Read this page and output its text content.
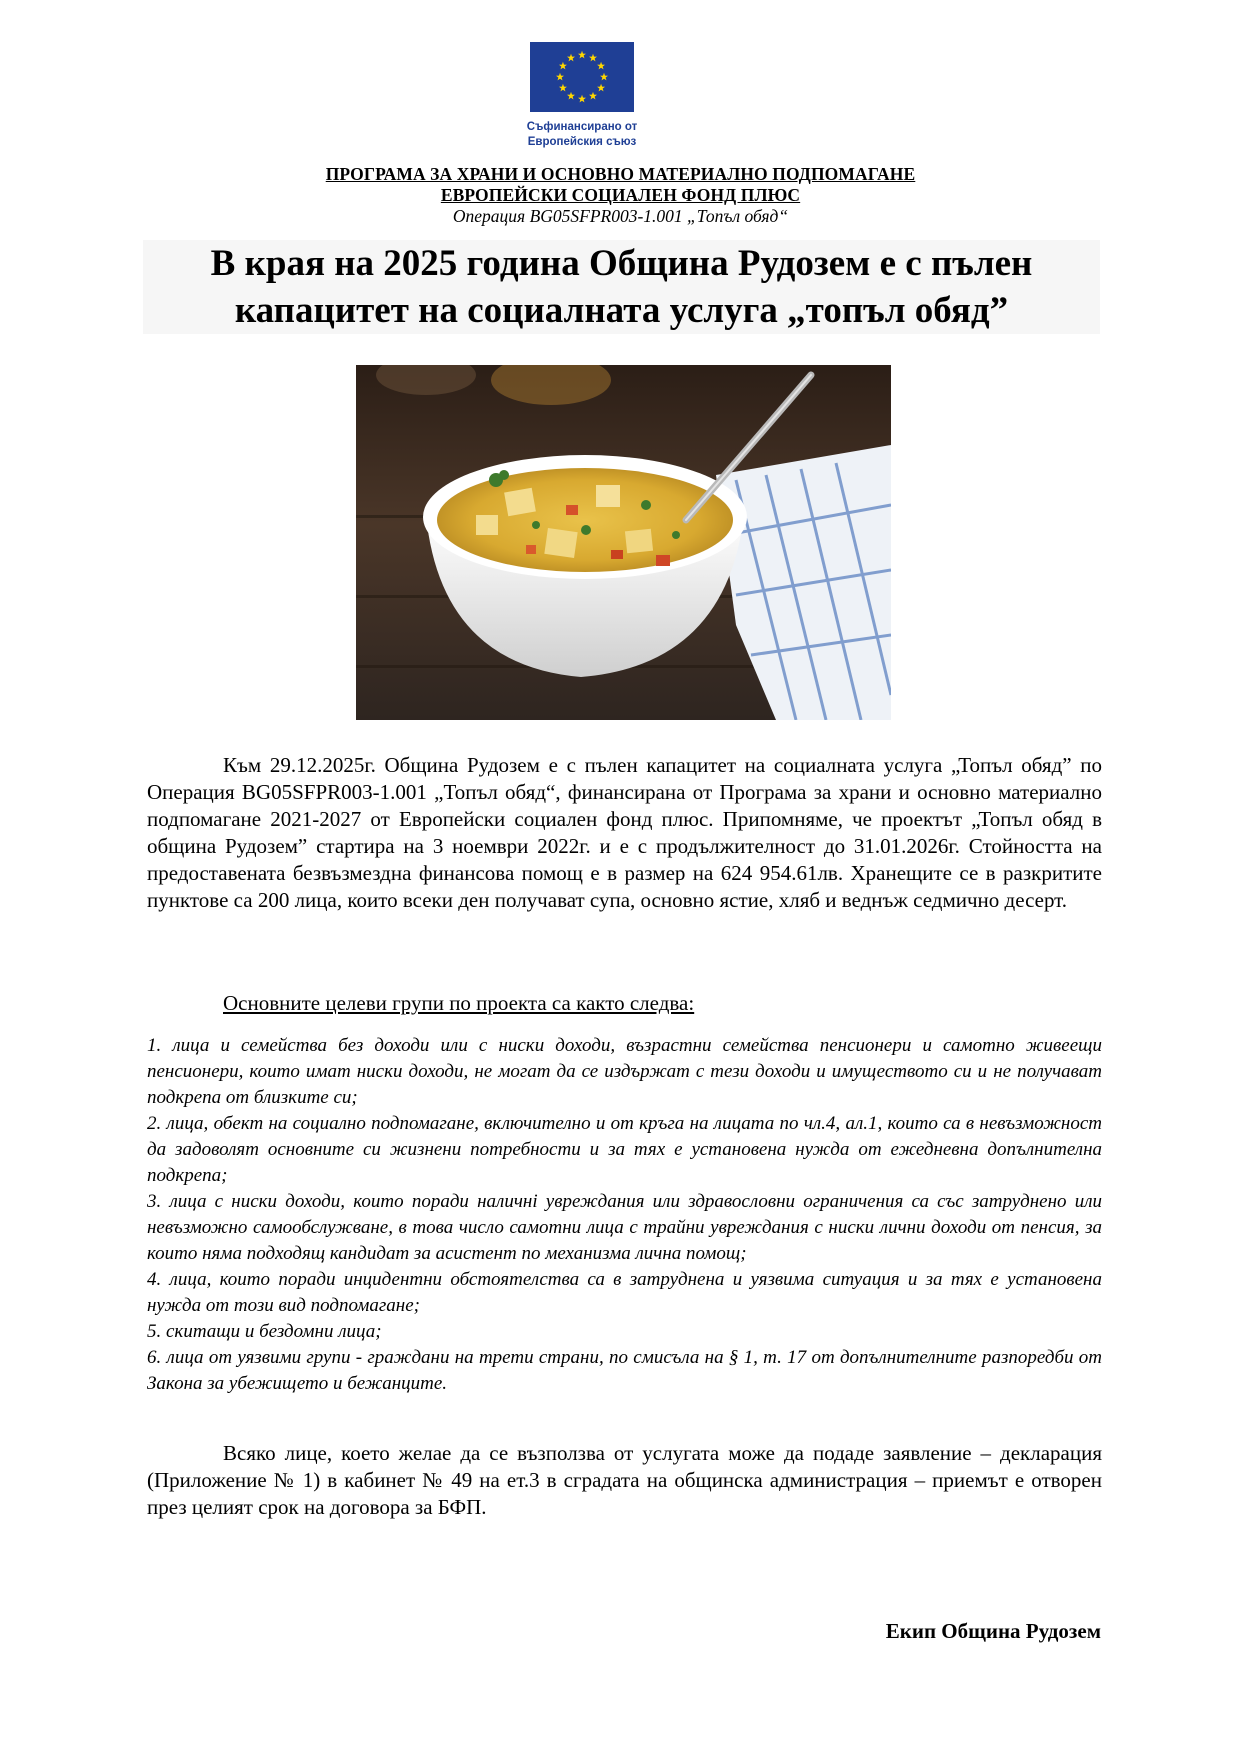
Съфинансирано от
Европейския съюз
ПРОГРАМА ЗА ХРАНИ И ОСНОВНО МАТЕРИАЛНО ПОДПОМАГАНЕ
ЕВРОПЕЙСКИ СОЦИАЛЕН ФОНД ПЛЮС
Операция BG05SFPR003-1.001 „Топъл обяд“
В края на 2025 година Община Рудозем е с пълен
капацитет на социалната услуга „топъл обяд”
Към 29.12.2025г. Община Рудозем е с пълен капацитет на социалната услуга „Топъл обяд” по Операция BG05SFPR003-1.001 „Топъл обяд“, финансирана от Програма за храни и основно материално подпомагане 2021-2027 от Европейски социален фонд плюс. Припомняме, че проектът „Топъл обяд в община Рудозем” стартира на 3 ноември 2022г. и е с продължителност до 31.01.2026г. Стойността на предоставената безвъзмездна финансова помощ е в размер на 624 954.61лв. Хранещите се в разкритите пунктове са 200 лица, които всеки ден получават супа, основно ястие, хляб и веднъж седмично десерт.
Основните целеви групи по проекта са както следва:
1. лица и семейства без доходи или с ниски доходи, възрастни семейства пенсионери и самотно живеещи пенсионери, които имат ниски доходи, не могат да се издържат с тези доходи и имуществото си и не получават подкрепа от близките си;
2. лица, обект на социално подпомагане, включително и от кръга на лицата по чл.4, ал.1, които са в невъзможност да задоволят основните си жизнени потребности и за тях е установена нужда от ежедневна допълнителна подкрепа;
3. лица с ниски доходи, които поради наличнi увреждания или здравословни ограничения са със затруднено или невъзможно самообслужване, в това число самотни лица с трайни увреждания с ниски лични доходи от пенсия, за които няма подходящ кандидат за асистент по механизма лична помощ;
4. лица, които поради инцидентни обстоятелства са в затруднена и уязвима ситуация и за тях е установена нужда от този вид подпомагане;
5. скитащи и бездомни лица;
6. лица от уязвими групи - граждани на трети страни, по смисъла на § 1, т. 17 от допълнителните разпоредби от Закона за убежището и бежанците.
Всяко лице, което желае да се възползва от услугата може да подаде заявление – декларация (Приложение № 1) в кабинет № 49 на ет.3 в сградата на общинска администрация – приемът е отворен през целият срок на договора за БФП.
Екип Община Рудозем
